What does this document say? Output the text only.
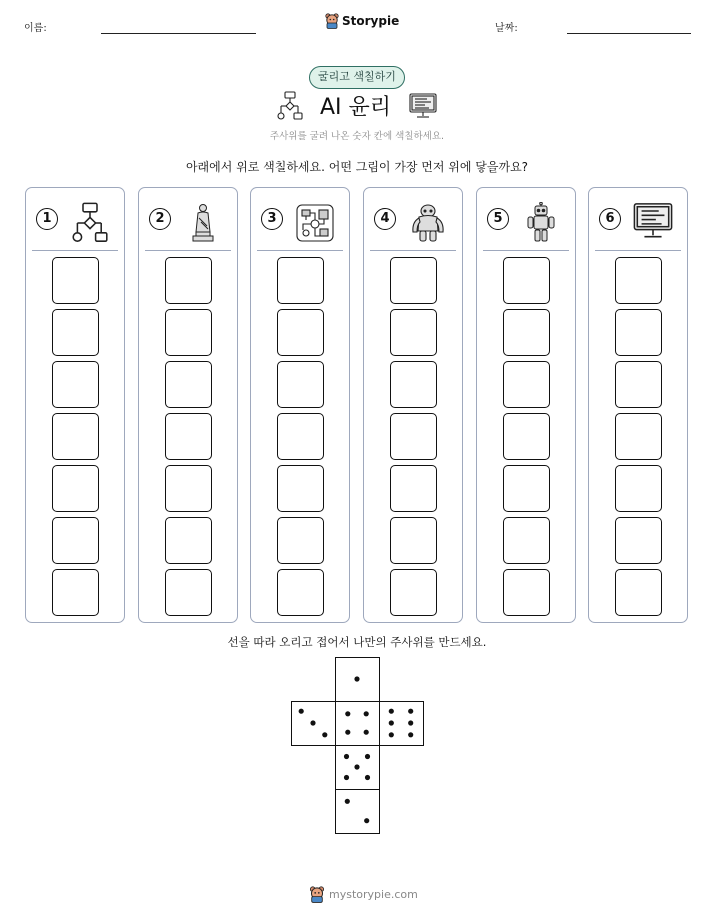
이름:
Storypie
날짜:
굴리고 색칠하기
AI 윤리
주사위를 굴려 나온 숫자 칸에 색칠하세요.
아래에서 위로 색칠하세요. 어떤 그림이 가장 먼저 위에 닿을까요?
1	2	3	4	5	6
선을 따라 오리고 접어서 나만의 주사위를 만드세요.
mystorypie.com
